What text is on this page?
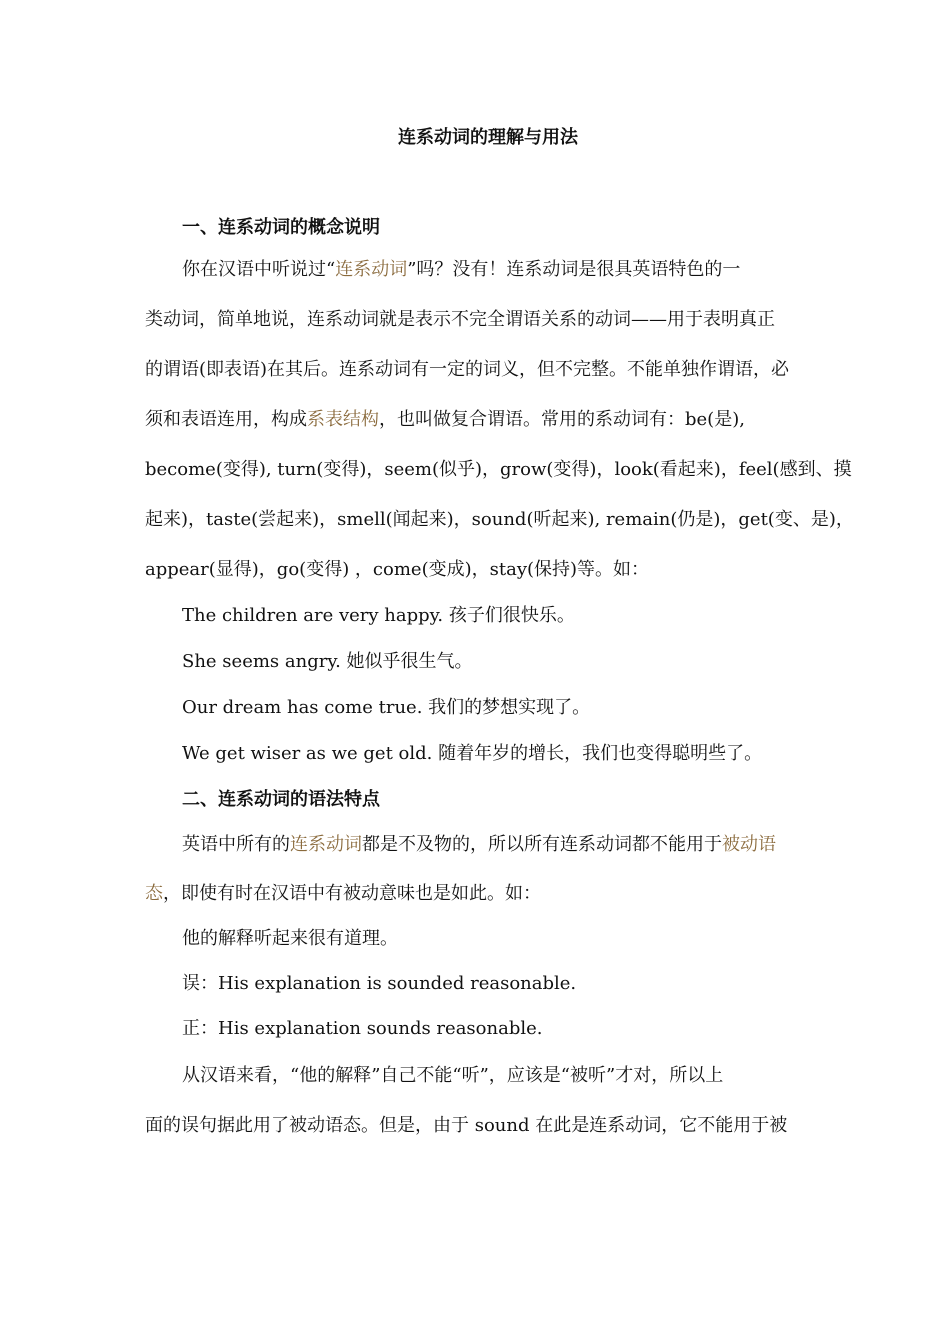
连系动词的理解与用法
一、连系动词的概念说明
你在汉语中听说过“连系动词”吗？没有！连系动词是很具英语特色的一
类动词，简单地说，连系动词就是表示不完全谓语关系的动词——用于表明真正
的谓语(即表语)在其后。连系动词有一定的词义，但不完整。不能单独作谓语，必
须和表语连用，构成系表结构，也叫做复合谓语。常用的系动词有：be(是),
become(变得), turn(变得)，seem(似乎)，grow(变得)，look(看起来)，feel(感到、摸
起来)，taste(尝起来)，smell(闻起来)，sound(听起来), remain(仍是)，get(变、是)，
appear(显得)，go(变得) ，come(变成)，stay(保持)等。如：
The children are very happy. 孩子们很快乐。
She seems angry. 她似乎很生气。
Our dream has come true. 我们的梦想实现了。
We get wiser as we get old. 随着年岁的增长，我们也变得聪明些了。
二、连系动词的语法特点
英语中所有的连系动词都是不及物的，所以所有连系动词都不能用于被动语
态，即使有时在汉语中有被动意味也是如此。如：
他的解释听起来很有道理。
误：His explanation is sounded reasonable.
正：His explanation sounds reasonable.
从汉语来看，“他的解释”自己不能“听”，应该是“被听”才对，所以上
面的误句据此用了被动语态。但是，由于 sound 在此是连系动词，它不能用于被
